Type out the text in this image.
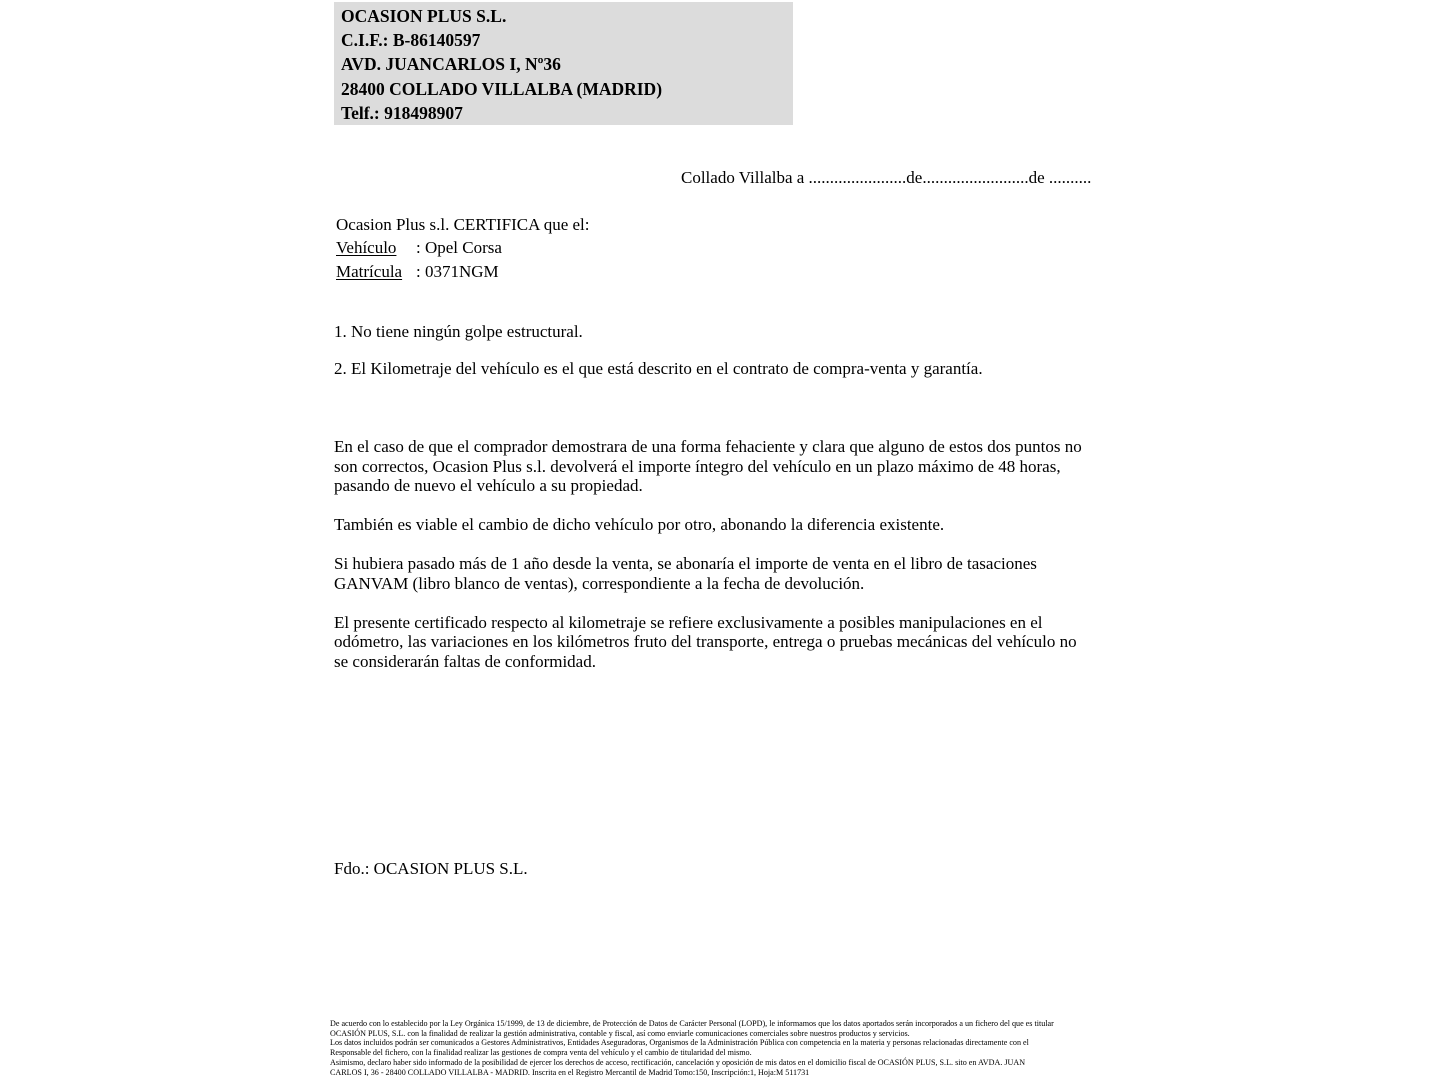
OCASION PLUS S.L.
C.I.F.: B-86140597
AVD. JUANCARLOS I, Nº36
28400 COLLADO VILLALBA (MADRID)
Telf.: 918498907
Collado Villalba a .......................de.........................de ..........
Ocasion Plus s.l. CERTIFICA que el:
Vehículo : Opel Corsa
Matrícula : 0371NGM
1. No tiene ningún golpe estructural.
2. El Kilometraje del vehículo es el que está descrito en el contrato de compra-venta y garantía.

En el caso de que el comprador demostrara de una forma fehaciente y clara que alguno de estos dos puntos no son correctos, Ocasion Plus s.l. devolverá el importe íntegro del vehículo en un plazo máximo de 48 horas, pasando de nuevo el vehículo a su propiedad.

También es viable el cambio de dicho vehículo por otro, abonando la diferencia existente.

Si hubiera pasado más de 1 año desde la venta, se abonaría el importe de venta en el libro de tasaciones GANVAM (libro blanco de ventas), correspondiente a la fecha de devolución.

El presente certificado respecto al kilometraje se refiere exclusivamente a posibles manipulaciones en el odómetro, las variaciones en los kilómetros fruto del transporte, entrega o pruebas mecánicas del vehículo no se considerarán faltas de conformidad.

Fdo.: OCASION PLUS S.L.
De acuerdo con lo establecido por la Ley Orgánica 15/1999, de 13 de diciembre, de Protección de Datos de Carácter Personal (LOPD), le informamos que los datos aportados serán incorporados a un fichero del que es titular
OCASIÓN PLUS, S.L. con la finalidad de realizar la gestión administrativa, contable y fiscal, así como enviarle comunicaciones comerciales sobre nuestros productos y servicios.
Los datos incluidos podrán ser comunicados a Gestores Administrativos, Entidades Aseguradoras, Organismos de la Administración Pública con competencia en la materia y personas relacionadas directamente con el
Responsable del fichero, con la finalidad realizar las gestiones de compra venta del vehículo y el cambio de titularidad del mismo.
Asimismo, declaro haber sido informado de la posibilidad de ejercer los derechos de acceso, rectificación, cancelación y oposición de mis datos en el domicilio fiscal de OCASIÓN PLUS, S.L. sito en AVDA. JUAN
CARLOS I, 36 - 28400 COLLADO VILLALBA - MADRID. Inscrita en el Registro Mercantil de Madrid Tomo:150, Inscripción:1, Hoja:M 511731
